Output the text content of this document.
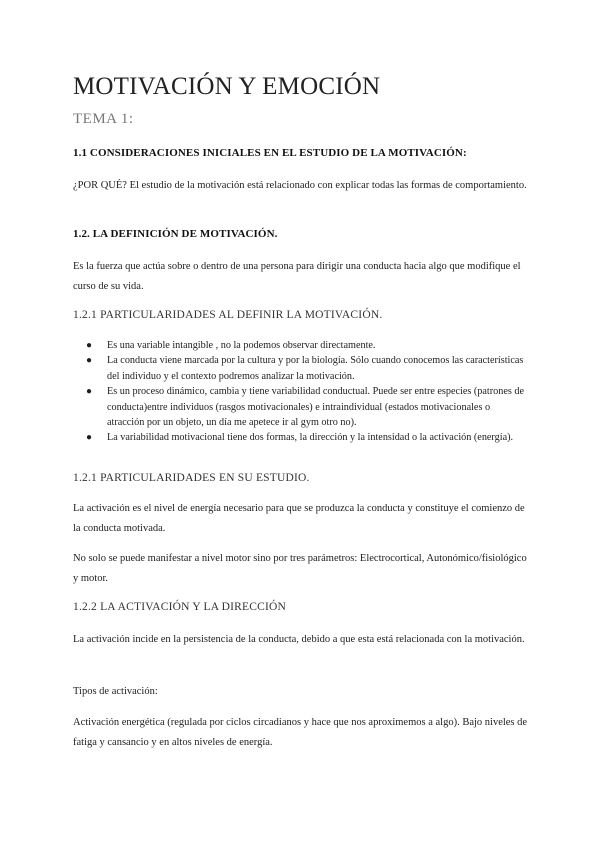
MOTIVACIÓN Y EMOCIÓN
TEMA 1:
1.1 CONSIDERACIONES INICIALES EN EL ESTUDIO DE LA MOTIVACIÓN:

¿POR QUÉ? El estudio de la motivación está relacionado con explicar todas las formas de comportamiento.

1.2. LA DEFINICIÓN DE MOTIVACIÓN.

Es la fuerza que actúa sobre o dentro de una persona para dirigir una conducta hacia algo que modifique el curso de su vida.

1.2.1 PARTICULARIDADES AL DEFINIR LA MOTIVACIÓN.
● Es una variable intangible , no la podemos observar directamente.
● La conducta viene marcada por la cultura y por la biología. Sólo cuando conocemos las características del individuo y el contexto podremos analizar la motivación.
● Es un proceso dinámico, cambia y tiene variabilidad conductual. Puede ser entre especies (patrones de conducta)entre individuos (rasgos motivacionales) e intraindividual (estados motivacionales o atracción por un objeto, un día me apetece ir al gym otro no).
● La variabilidad motivacional tiene dos formas, la dirección y la intensidad o la activación (energía).
1.2.1 PARTICULARIDADES EN SU ESTUDIO.

La activación es el nivel de energía necesario para que se produzca la conducta y constituye el comienzo de la conducta motivada.

No solo se puede manifestar a nivel motor sino por tres parámetros: Electrocortical, Autonómico/fisiológico y motor.

1.2.2 LA ACTIVACIÓN Y LA DIRECCIÓN

La activación incide en la persistencia de la conducta, debido a que esta está relacionada con la motivación.

Tipos de activación:

Activación energética (regulada por ciclos circadianos y hace que nos aproximemos a algo). Bajo niveles de fatiga y cansancio y en altos niveles de energía.
